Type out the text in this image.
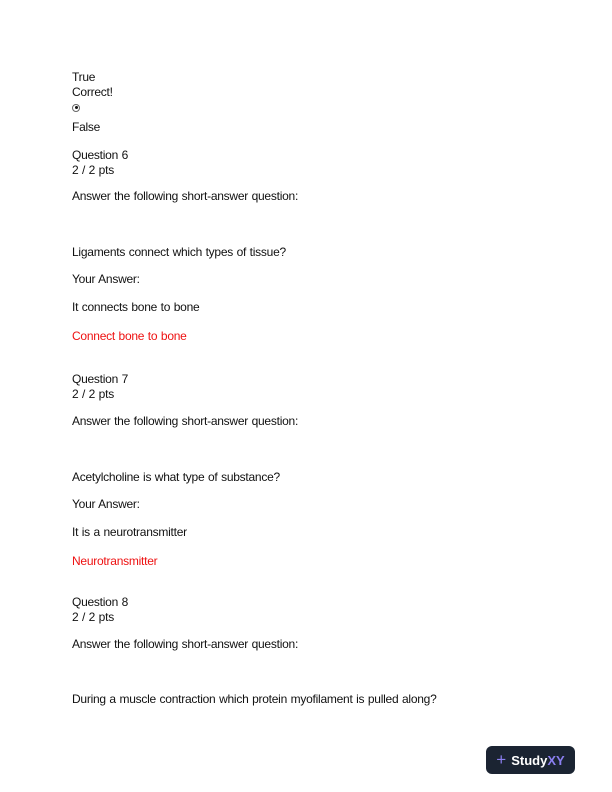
True

Correct!

False

Question 6

2 / 2 pts

Answer the following short-answer question:

Ligaments connect which types of tissue?

Your Answer:

It connects bone to bone

Connect bone to bone

Question 7

2 / 2 pts

Answer the following short-answer question:

Acetylcholine is what type of substance?

Your Answer:

It is a neurotransmitter

Neurotransmitter

Question 8

2 / 2 pts

Answer the following short-answer question:

During a muscle contraction which protein myofilament is pulled along?

+ StudyXY
